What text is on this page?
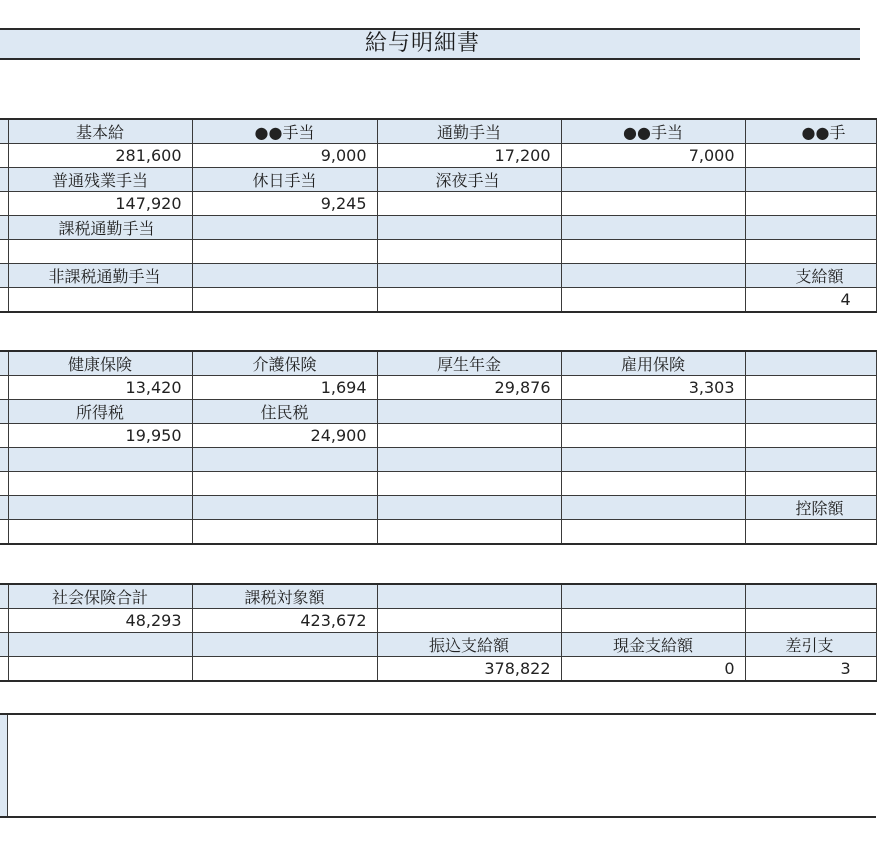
給与明細書
	基本給	●●手当	通勤手当	●●手当	●●手
	281,600	9,000	17,200	7,000	
	普通残業手当	休日手当	深夜手当		
	147,920	9,245			
	課税通勤手当				

	非課税通勤手当				支給額
					4
	健康保険	介護保険	厚生年金	雇用保険	
	13,420	1,694	29,876	3,303	
	所得税	住民税			
	19,950	24,900			

					控除額

	社会保険合計	課税対象額			
	48,293	423,672			
			振込支給額	現金支給額	差引支
			378,822	0	3
